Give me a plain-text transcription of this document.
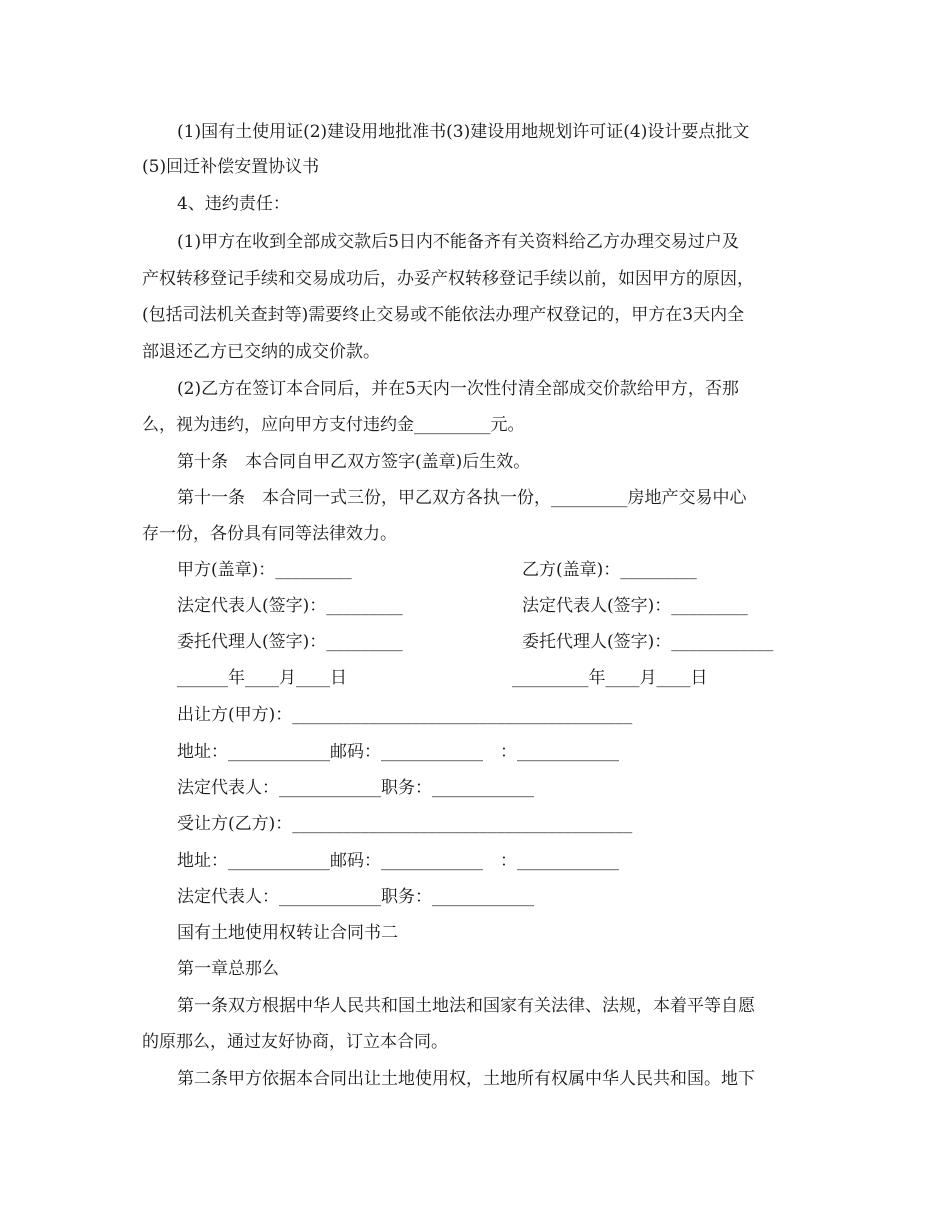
(1)国有土使用证(2)建设用地批准书(3)建设用地规划许可证(4)设计要点批文
(5)回迁补偿安置协议书
4、违约责任：
(1)甲方在收到全部成交款后5日内不能备齐有关资料给乙方办理交易过户及
产权转移登记手续和交易成功后，办妥产权转移登记手续以前，如因甲方的原因，
(包括司法机关查封等)需要终止交易或不能依法办理产权登记的，甲方在3天内全
部退还乙方已交纳的成交价款。
(2)乙方在签订本合同后，并在5天内一次性付清全部成交价款给甲方，否那
么，视为违约，应向甲方支付违约金_________元。
第十条　本合同自甲乙双方签字(盖章)后生效。
第十一条　本合同一式三份，甲乙双方各执一份，_________房地产交易中心
存一份，各份具有同等法律效力。
甲方(盖章)：_________	乙方(盖章)：_________
法定代表人(签字)：_________	法定代表人(签字)：_________
委托代理人(签字)：_________	委托代理人(签字)：____________
______年____月____日	_________年____月____日
出让方(甲方)：________________________________________
地址：____________邮码：____________　：____________
法定代表人：____________职务：____________
受让方(乙方)：________________________________________
地址：____________邮码：____________　：____________
法定代表人：____________职务：____________
国有土地使用权转让合同书二
第一章总那么
第一条双方根据中华人民共和国土地法和国家有关法律、法规，本着平等自愿
的原那么，通过友好协商，订立本合同。
第二条甲方依据本合同出让土地使用权，土地所有权属中华人民共和国。地下
